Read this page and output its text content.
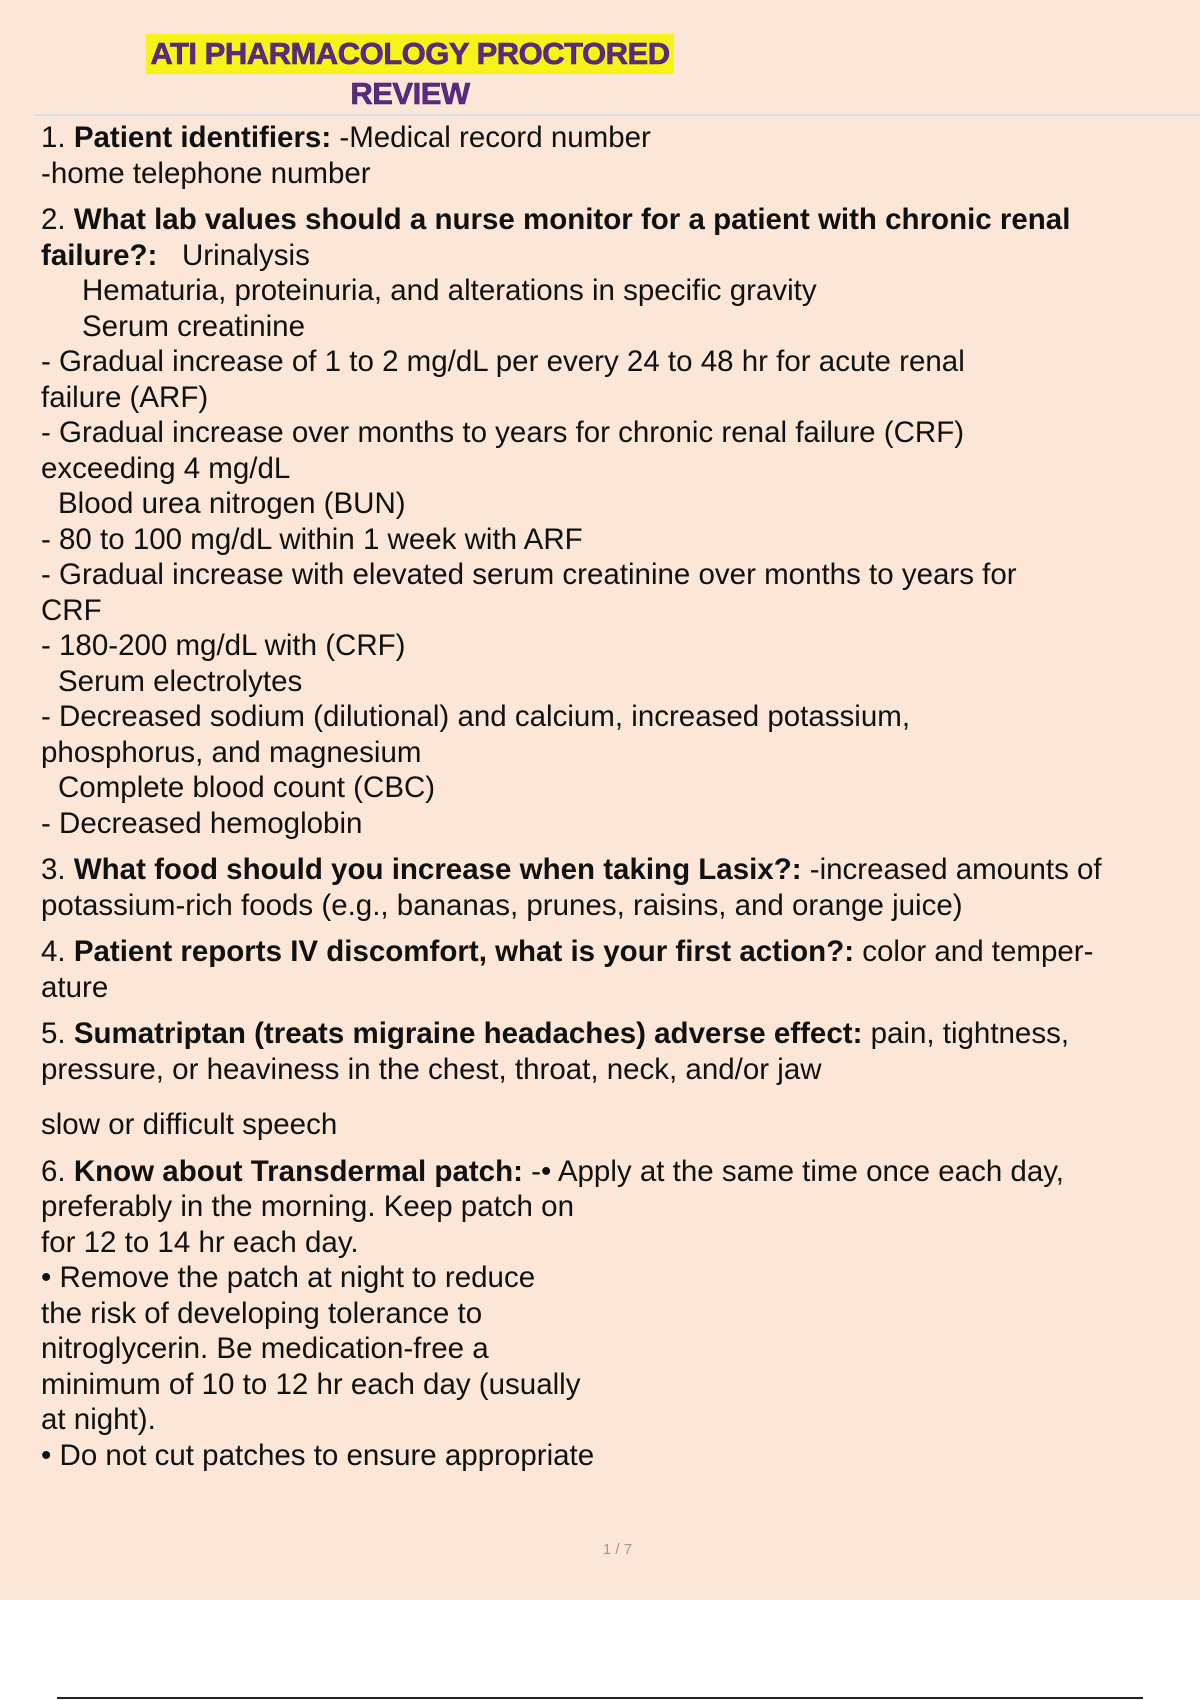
ATI PHARMACOLOGY PROCTORED
REVIEW
1. Patient identifiers: -Medical record number
-home telephone number
2. What lab values should a nurse monitor for a patient with chronic renal
failure?:   Urinalysis
Hematuria, proteinuria, and alterations in specific gravity
Serum creatinine
- Gradual increase of 1 to 2 mg/dL per every 24 to 48 hr for acute renal
failure (ARF)
- Gradual increase over months to years for chronic renal failure (CRF)
exceeding 4 mg/dL
Blood urea nitrogen (BUN)
- 80 to 100 mg/dL within 1 week with ARF
- Gradual increase with elevated serum creatinine over months to years for
CRF
- 180-200 mg/dL with (CRF)
Serum electrolytes
- Decreased sodium (dilutional) and calcium, increased potassium,
phosphorus, and magnesium
Complete blood count (CBC)
- Decreased hemoglobin
3. What food should you increase when taking Lasix?: -increased amounts of
potassium-rich foods (e.g., bananas, prunes, raisins, and orange juice)
4. Patient reports IV discomfort, what is your first action?: color and temper-
ature
5. Sumatriptan (treats migraine headaches) adverse effect: pain, tightness,
pressure, or heaviness in the chest, throat, neck, and/or jaw
slow or difficult speech
6. Know about Transdermal patch: -• Apply at the same time once each day,
preferably in the morning. Keep patch on
for 12 to 14 hr each day.
• Remove the patch at night to reduce
the risk of developing tolerance to
nitroglycerin. Be medication-free a
minimum of 10 to 12 hr each day (usually
at night).
• Do not cut patches to ensure appropriate
1 / 7
